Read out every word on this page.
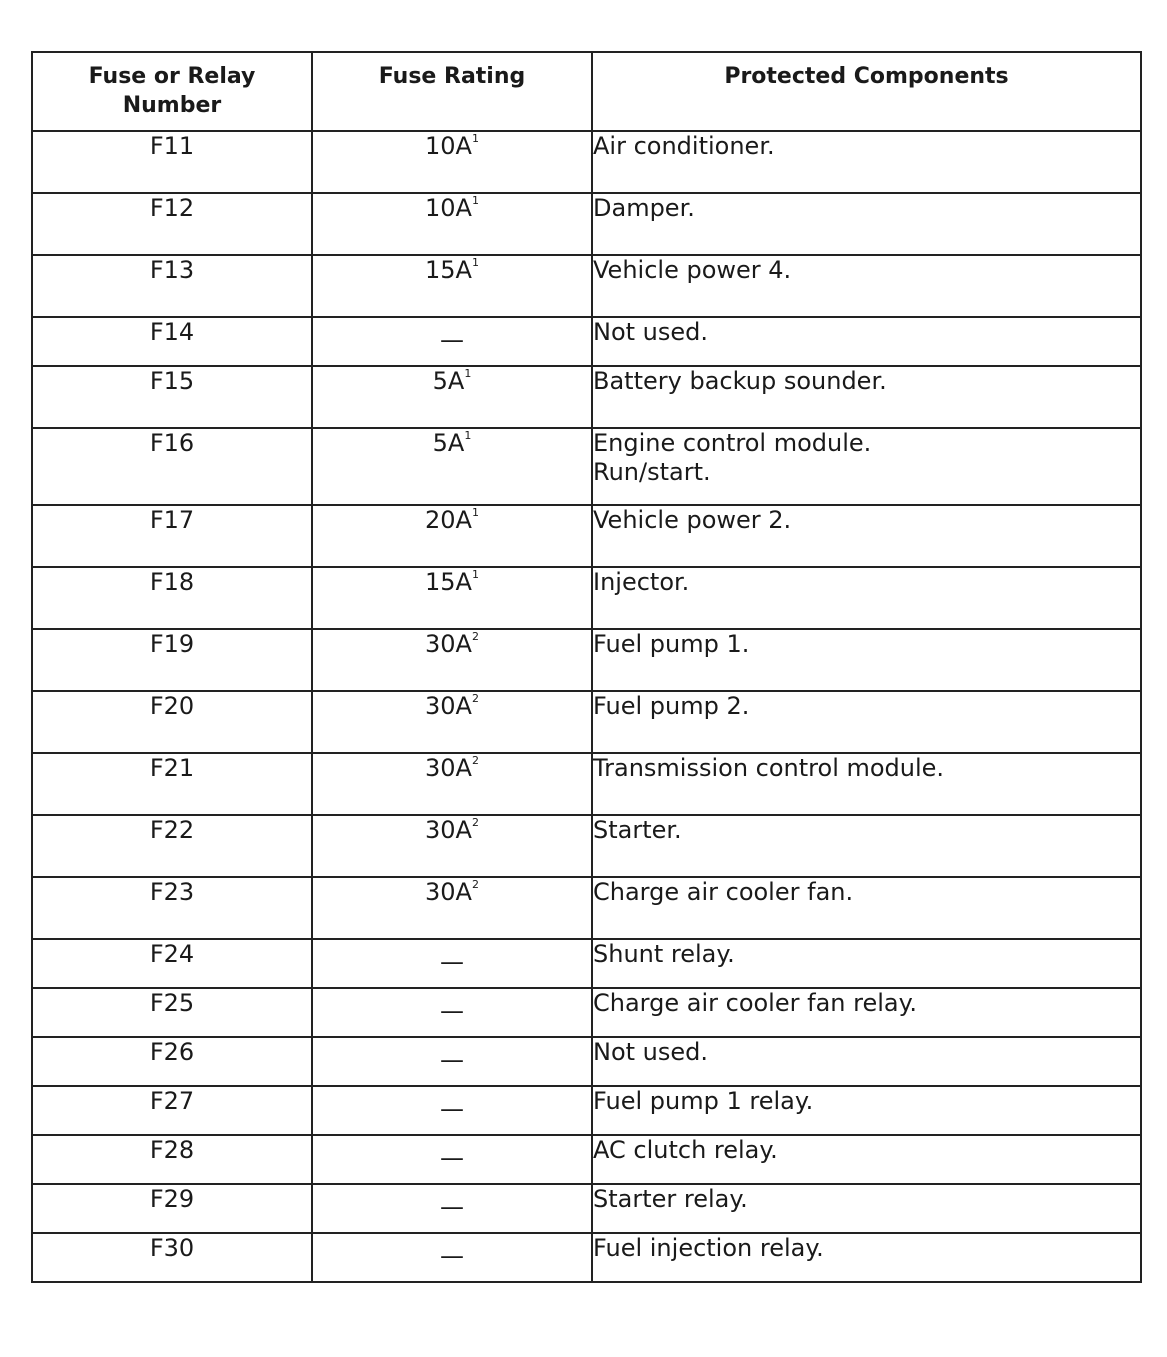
Fuse or Relay Number	Fuse Rating	Protected Components
F11	10A$^1$	Air conditioner.

F12	10A$^1$	Damper.

F13	15A$^1$	Vehicle power 4.

F14	—	Not used.

F15	5A$^1$	Battery backup sounder.

F16	5A$^1$	Engine control module.
Run/start.

F17	20A$^1$	Vehicle power 2.

F18	15A$^1$	Injector.

F19	30A$^2$	Fuel pump 1.

F20	30A$^2$	Fuel pump 2.

F21	30A$^2$	Transmission control module.

F22	30A$^2$	Starter.

F23	30A$^2$	Charge air cooler fan.

F24	—	Shunt relay.

F25	—	Charge air cooler fan relay.

F26	—	Not used.

F27	—	Fuel pump 1 relay.

F28	—	AC clutch relay.

F29	—	Starter relay.

F30	—	Fuel injection relay.
